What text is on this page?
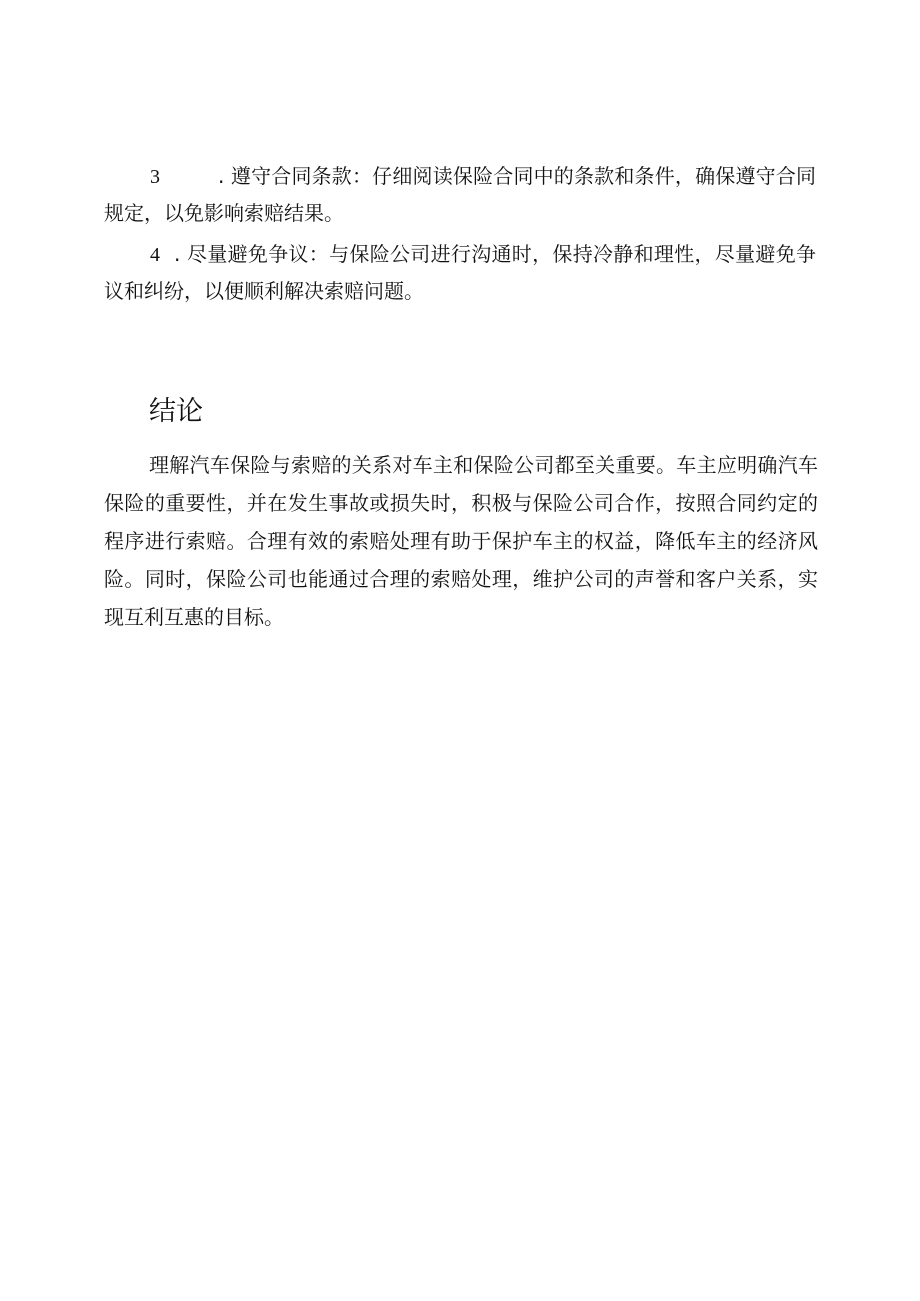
3	. 遵守合同条款：仔细阅读保险合同中的条款和条件，确保遵守合同规定，以免影响索赔结果。

4 . 尽量避免争议：与保险公司进行沟通时，保持冷静和理性，尽量避免争议和纠纷，以便顺利解决索赔问题。

结论

理解汽车保险与索赔的关系对车主和保险公司都至关重要。车主应明确汽车保险的重要性，并在发生事故或损失时，积极与保险公司合作，按照合同约定的程序进行索赔。合理有效的索赔处理有助于保护车主的权益，降低车主的经济风险。同时，保险公司也能通过合理的索赔处理，维护公司的声誉和客户关系，实现互利互惠的目标。
